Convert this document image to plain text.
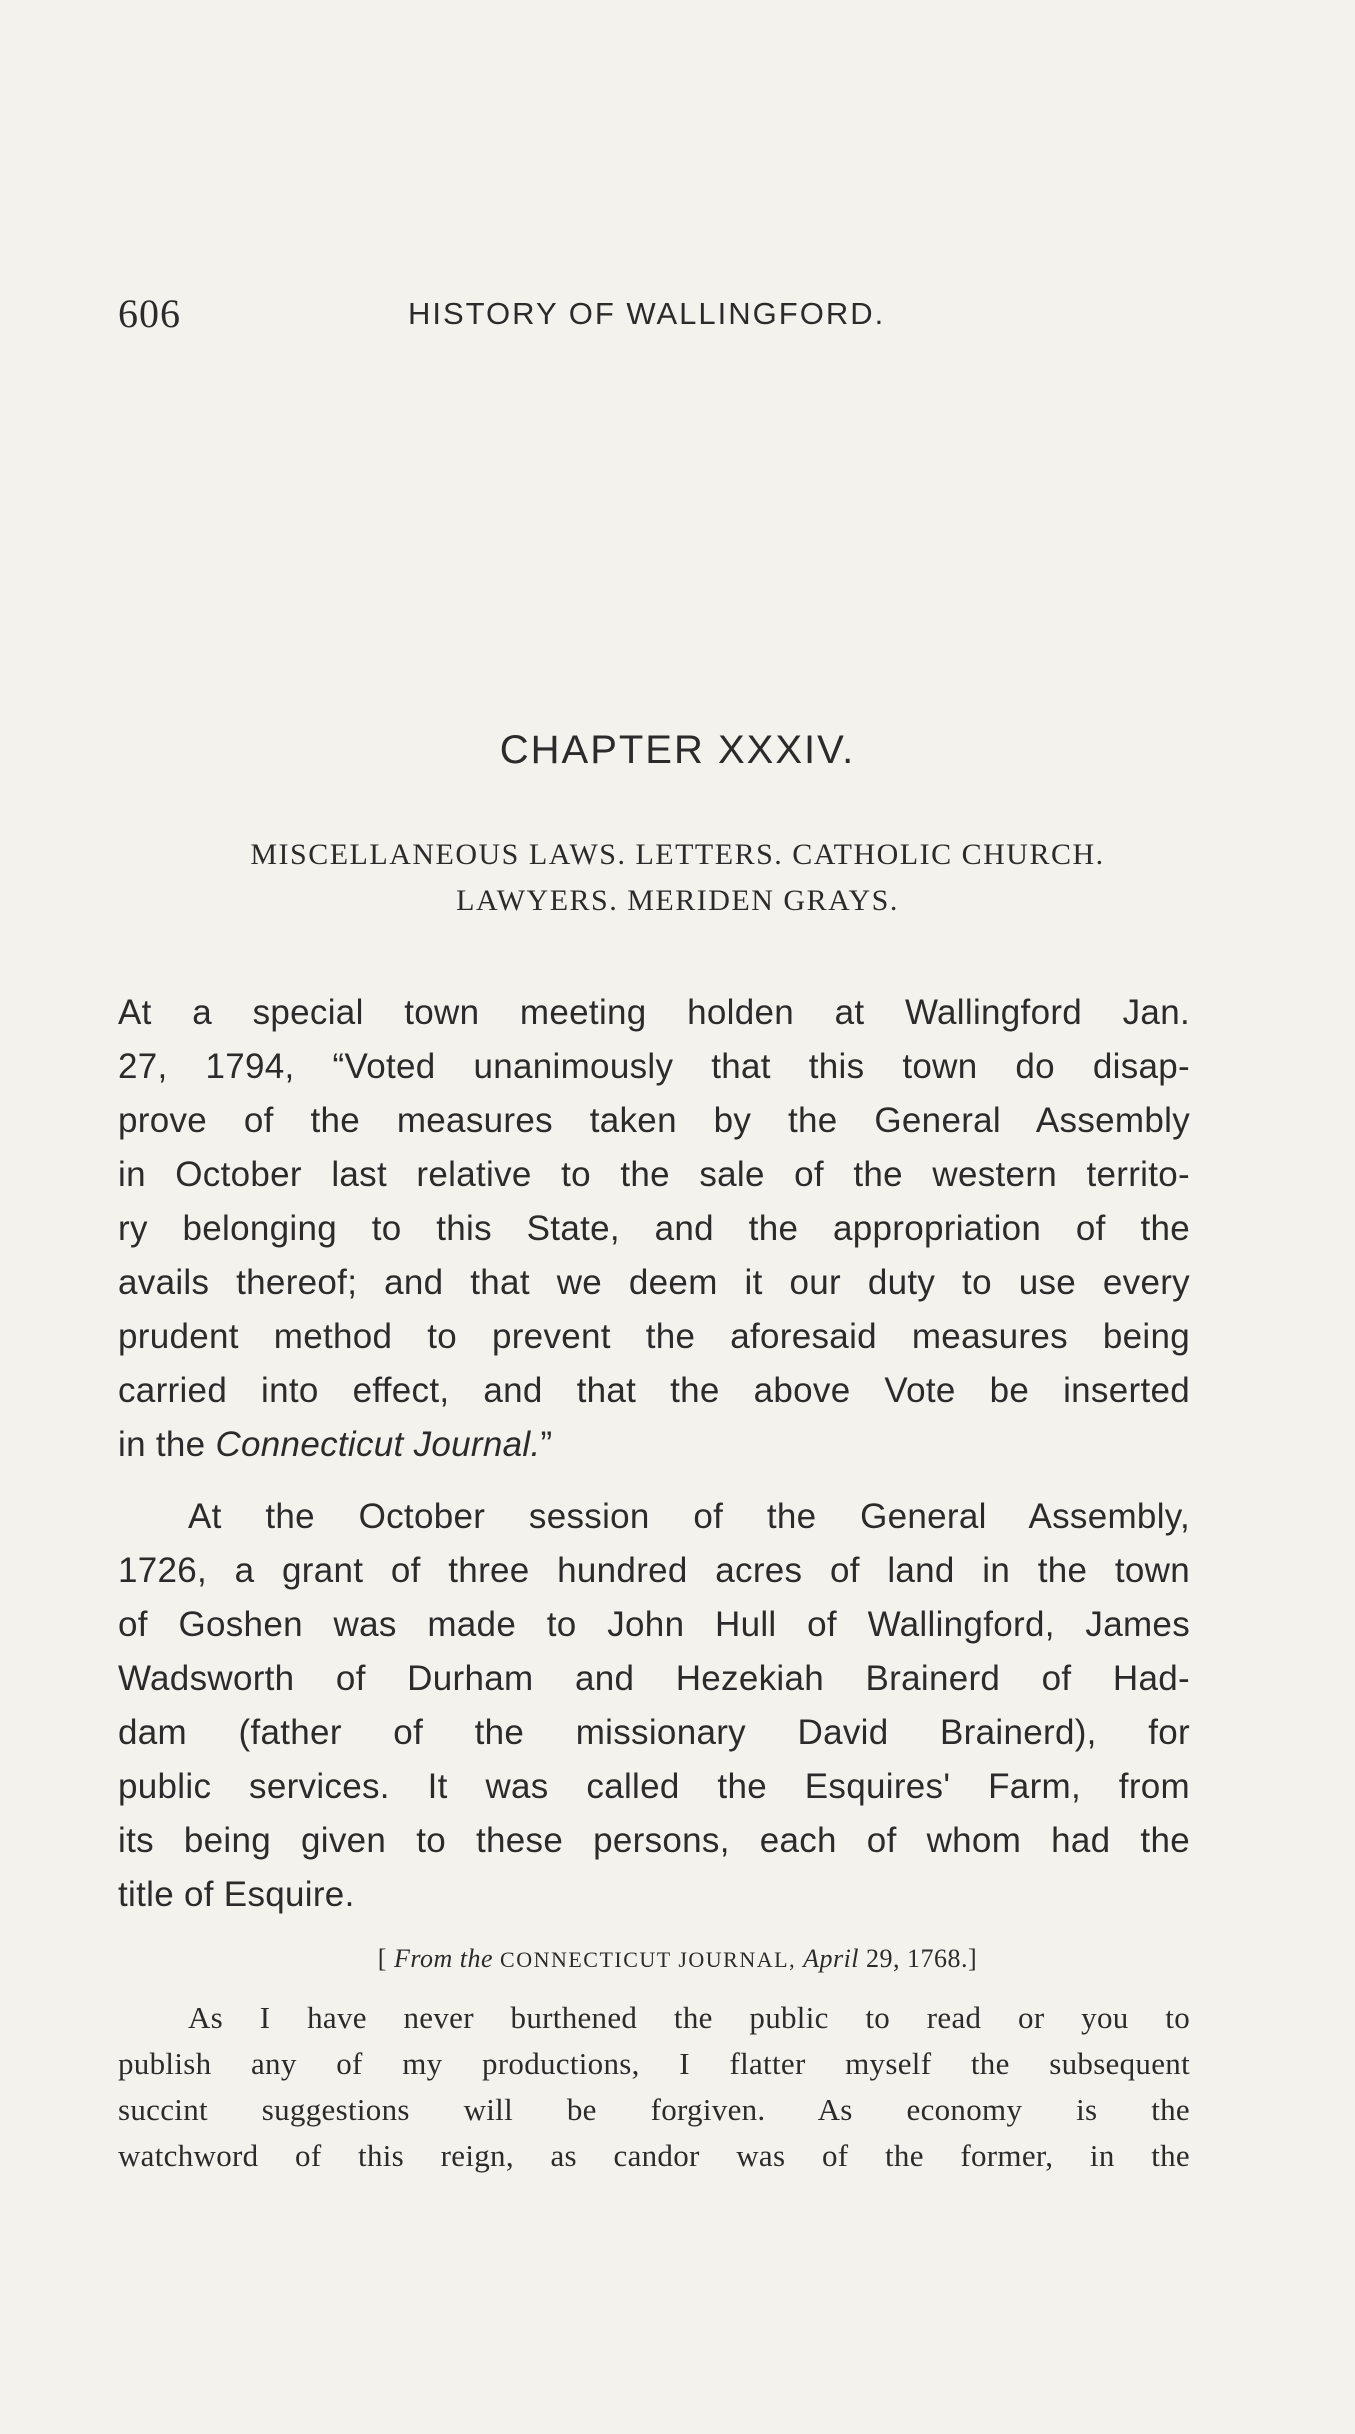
606	HISTORY OF WALLINGFORD.
CHAPTER XXXIV.
MISCELLANEOUS LAWS. LETTERS. CATHOLIC CHURCH.
LAWYERS. MERIDEN GRAYS.
At a special town meeting holden at Wallingford Jan.
27, 1794, “Voted unanimously that this town do disap-
prove of the measures taken by the General Assembly
in October last relative to the sale of the western territo-
ry belonging to this State, and the appropriation of the
avails thereof; and that we deem it our duty to use every
prudent method to prevent the aforesaid measures being
carried into effect, and that the above Vote be inserted
in the Connecticut Journal.”
At the October session of the General Assembly,
1726, a grant of three hundred acres of land in the town
of Goshen was made to John Hull of Wallingford, James
Wadsworth of Durham and Hezekiah Brainerd of Had-
dam (father of the missionary David Brainerd), for
public services. It was called the Esquires' Farm, from
its being given to these persons, each of whom had the
title of Esquire.
As I have never burthened the public to read or you to
publish any of my productions, I flatter myself the subsequent
succint suggestions will be forgiven. As economy is the
watchword of this reign, as candor was of the former, in the
[ From the CONNECTICUT JOURNAL, April 29, 1768.]
